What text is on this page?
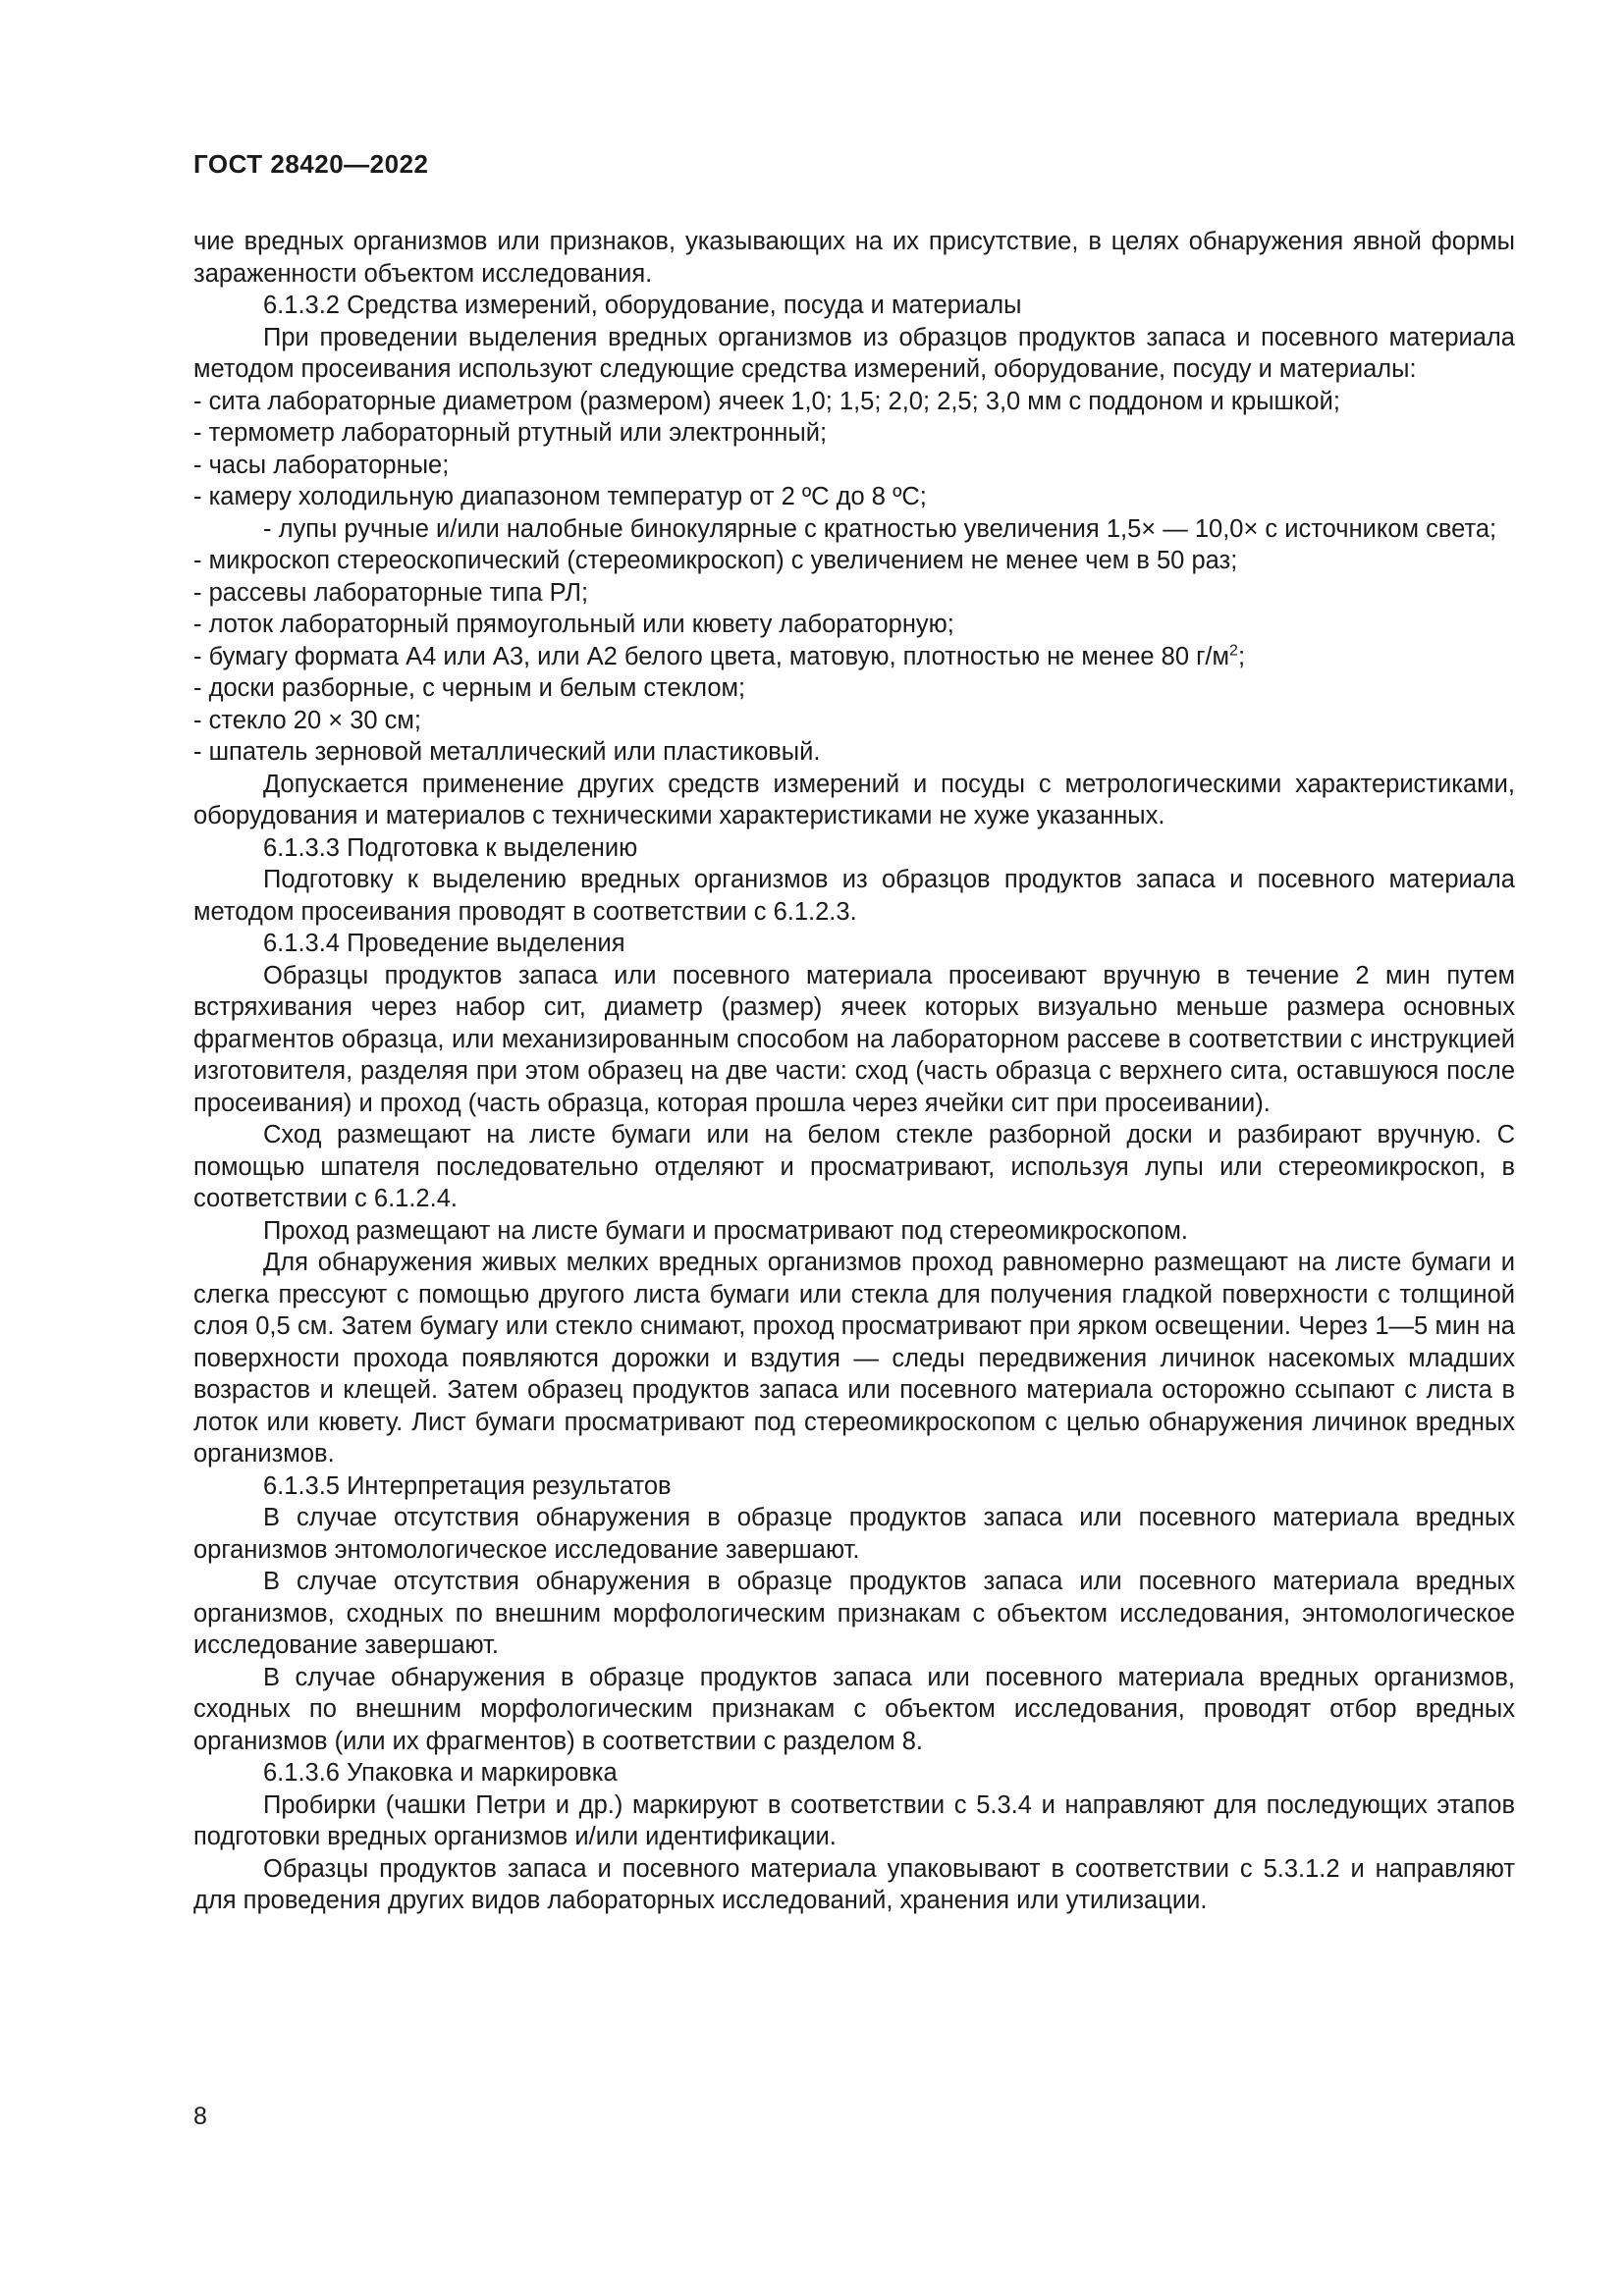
ГОСТ 28420—2022

чие вредных организмов или признаков, указывающих на их присутствие, в целях обнаружения явной формы зараженности объектом исследования.

6.1.3.2 Средства измерений, оборудование, посуда и материалы

При проведении выделения вредных организмов из образцов продуктов запаса и посевного материала методом просеивания используют следующие средства измерений, оборудование, посуду и материалы:

- сита лабораторные диаметром (размером) ячеек 1,0; 1,5; 2,0; 2,5; 3,0 мм с поддоном и крышкой;

- термометр лабораторный ртутный или электронный;

- часы лабораторные;

- камеру холодильную диапазоном температур от 2 ºС до 8 ºС;

- лупы ручные и/или налобные бинокулярные с кратностью увеличения 1,5× — 10,0× с источником света;

- микроскоп стереоскопический (стереомикроскоп) с увеличением не менее чем в 50 раз;

- рассевы лабораторные типа РЛ;

- лоток лабораторный прямоугольный или кювету лабораторную;

- бумагу формата А4 или А3, или А2 белого цвета, матовую, плотностью не менее 80 $г/м^2$;

- доски разборные, с черным и белым стеклом;

- стекло 20 × 30 см;

- шпатель зерновой металлический или пластиковый.

Допускается применение других средств измерений и посуды с метрологическими характеристиками, оборудования и материалов с техническими характеристиками не хуже указанных.

6.1.3.3 Подготовка к выделению

Подготовку к выделению вредных организмов из образцов продуктов запаса и посевного материала методом просеивания проводят в соответствии с 6.1.2.3.

6.1.3.4 Проведение выделения

Образцы продуктов запаса или посевного материала просеивают вручную в течение 2 мин путем встряхивания через набор сит, диаметр (размер) ячеек которых визуально меньше размера основных фрагментов образца, или механизированным способом на лабораторном рассеве в соответствии с инструкцией изготовителя, разделяя при этом образец на две части: сход (часть образца с верхнего сита, оставшуюся после просеивания) и проход (часть образца, которая прошла через ячейки сит при просеивании).

Сход размещают на листе бумаги или на белом стекле разборной доски и разбирают вручную. С помощью шпателя последовательно отделяют и просматривают, используя лупы или стереомикроскоп, в соответствии с 6.1.2.4.

Проход размещают на листе бумаги и просматривают под стереомикроскопом.

Для обнаружения живых мелких вредных организмов проход равномерно размещают на листе бумаги и слегка прессуют с помощью другого листа бумаги или стекла для получения гладкой поверхности с толщиной слоя 0,5 см. Затем бумагу или стекло снимают, проход просматривают при ярком освещении. Через 1—5 мин на поверхности прохода появляются дорожки и вздутия — следы передвижения личинок насекомых младших возрастов и клещей. Затем образец продуктов запаса или посевного материала осторожно ссыпают с листа в лоток или кювету. Лист бумаги просматривают под стереомикроскопом с целью обнаружения личинок вредных организмов.

6.1.3.5 Интерпретация результатов

В случае отсутствия обнаружения в образце продуктов запаса или посевного материала вредных организмов энтомологическое исследование завершают.

В случае отсутствия обнаружения в образце продуктов запаса или посевного материала вредных организмов, сходных по внешним морфологическим признакам с объектом исследования, энтомологическое исследование завершают.

В случае обнаружения в образце продуктов запаса или посевного материала вредных организмов, сходных по внешним морфологическим признакам с объектом исследования, проводят отбор вредных организмов (или их фрагментов) в соответствии с разделом 8.

6.1.3.6 Упаковка и маркировка

Пробирки (чашки Петри и др.) маркируют в соответствии с 5.3.4 и направляют для последующих этапов подготовки вредных организмов и/или идентификации.

Образцы продуктов запаса и посевного материала упаковывают в соответствии с 5.3.1.2 и направляют для проведения других видов лабораторных исследований, хранения или утилизации.

8
